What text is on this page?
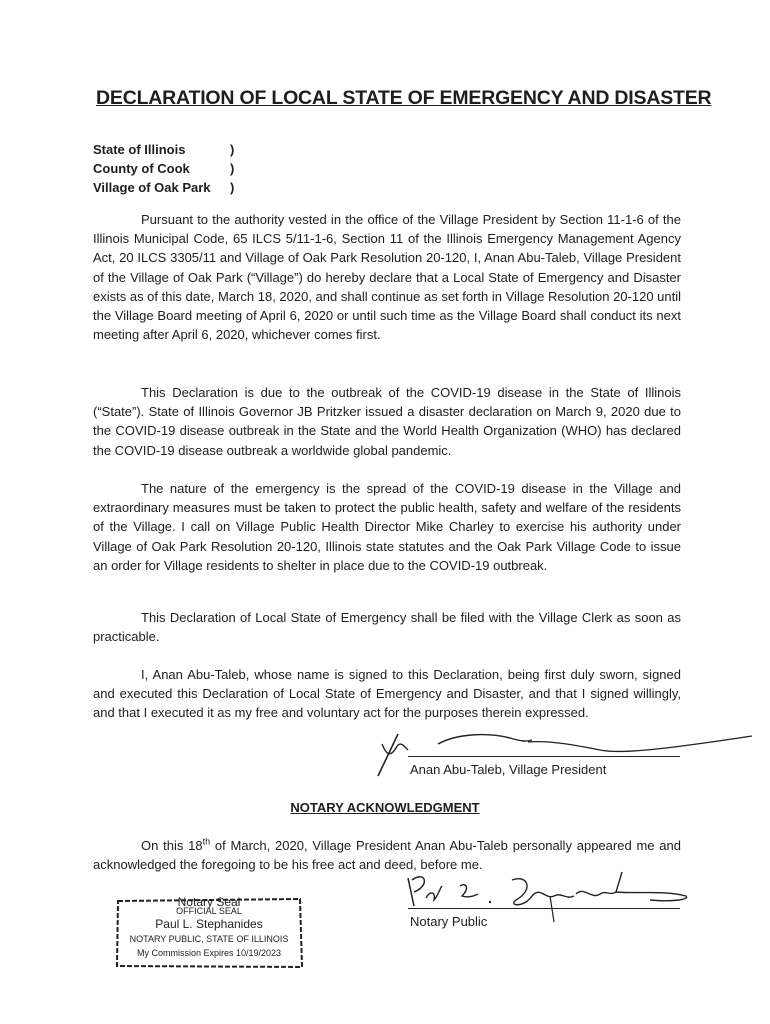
DECLARATION OF LOCAL STATE OF EMERGENCY AND DISASTER
State of Illinois	)
County of Cook	)
Village of Oak Park	)

Pursuant to the authority vested in the office of the Village President by Section 11-1-6 of the Illinois Municipal Code, 65 ILCS 5/11-1-6, Section 11 of the Illinois Emergency Management Agency Act, 20 ILCS 3305/11 and Village of Oak Park Resolution 20-120, I, Anan Abu-Taleb, Village President of the Village of Oak Park (“Village”) do hereby declare that a Local State of Emergency and Disaster exists as of this date, March 18, 2020, and shall continue as set forth in Village Resolution 20-120 until the Village Board meeting of April 6, 2020 or until such time as the Village Board shall conduct its next meeting after April 6, 2020, whichever comes first.

This Declaration is due to the outbreak of the COVID-19 disease in the State of Illinois (“State”). State of Illinois Governor JB Pritzker issued a disaster declaration on March 9, 2020 due to the COVID-19 disease outbreak in the State and the World Health Organization (WHO) has declared the COVID-19 disease outbreak a worldwide global pandemic.

The nature of the emergency is the spread of the COVID-19 disease in the Village and extraordinary measures must be taken to protect the public health, safety and welfare of the residents of the Village. I call on Village Public Health Director Mike Charley to exercise his authority under Village of Oak Park Resolution 20-120, Illinois state statutes and the Oak Park Village Code to issue an order for Village residents to shelter in place due to the COVID-19 outbreak.

This Declaration of Local State of Emergency shall be filed with the Village Clerk as soon as practicable.

I, Anan Abu-Taleb, whose name is signed to this Declaration, being first duly sworn, signed and executed this Declaration of Local State of Emergency and Disaster, and that I signed willingly, and that I executed it as my free and voluntary act for the purposes therein expressed.

Anan Abu-Taleb, Village President
NOTARY ACKNOWLEDGMENT

On this 18th of March, 2020, Village President Anan Abu-Taleb personally appeared me and acknowledged the foregoing to be his free act and deed, before me.

Notary Public
Notary Seal
OFFICIAL SEAL
Paul L. Stephanides
NOTARY PUBLIC, STATE OF ILLINOIS
My Commission Expires 10/19/2023
